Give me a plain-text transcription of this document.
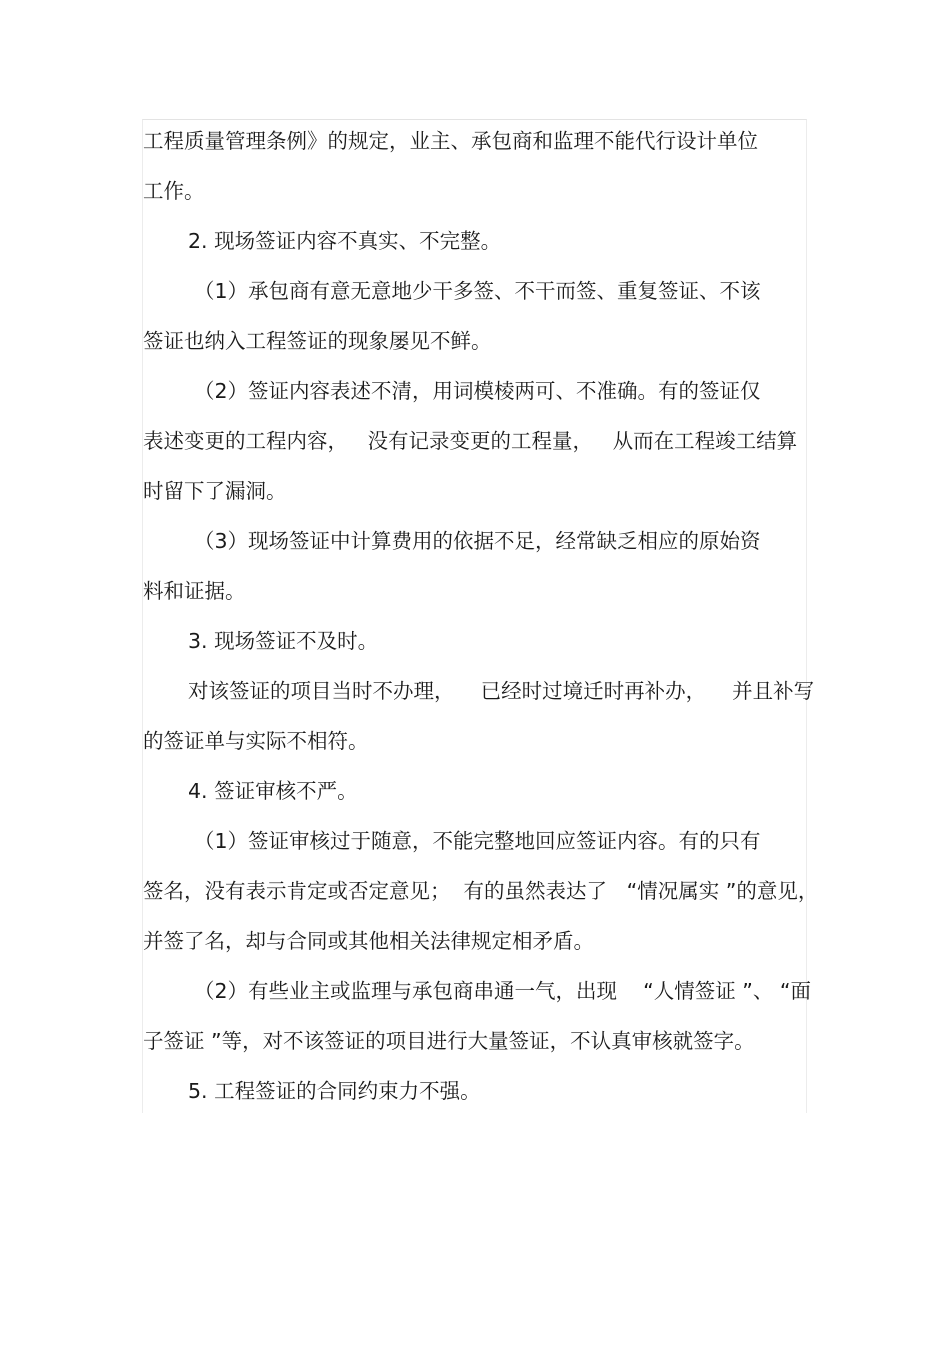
工程质量管理条例》的规定，业主、承包商和监理不能代行设计单位
工作。
2. 现场签证内容不真实、不完整。
（1）承包商有意无意地少干多签、不干而签、重复签证、不该
签证也纳入工程签证的现象屡见不鲜。
（2）签证内容表述不清，用词模棱两可、不准确。有的签证仅
表述变更的工程内容，   没有记录变更的工程量，   从而在工程竣工结算
时留下了漏洞。
（3）现场签证中计算费用的依据不足，经常缺乏相应的原始资
料和证据。
3. 现场签证不及时。
对该签证的项目当时不办理，    已经时过境迁时再补办，    并且补写
的签证单与实际不相符。
4. 签证审核不严。
（1）签证审核过于随意，不能完整地回应签证内容。有的只有
签名，没有表示肯定或否定意见；  有的虽然表达了   “情况属实 ”的意见，
并签了名，却与合同或其他相关法律规定相矛盾。
（2）有些业主或监理与承包商串通一气，出现    “人情签证 ”、 “面
子签证 ”等，对不该签证的项目进行大量签证，不认真审核就签字。
5. 工程签证的合同约束力不强。
